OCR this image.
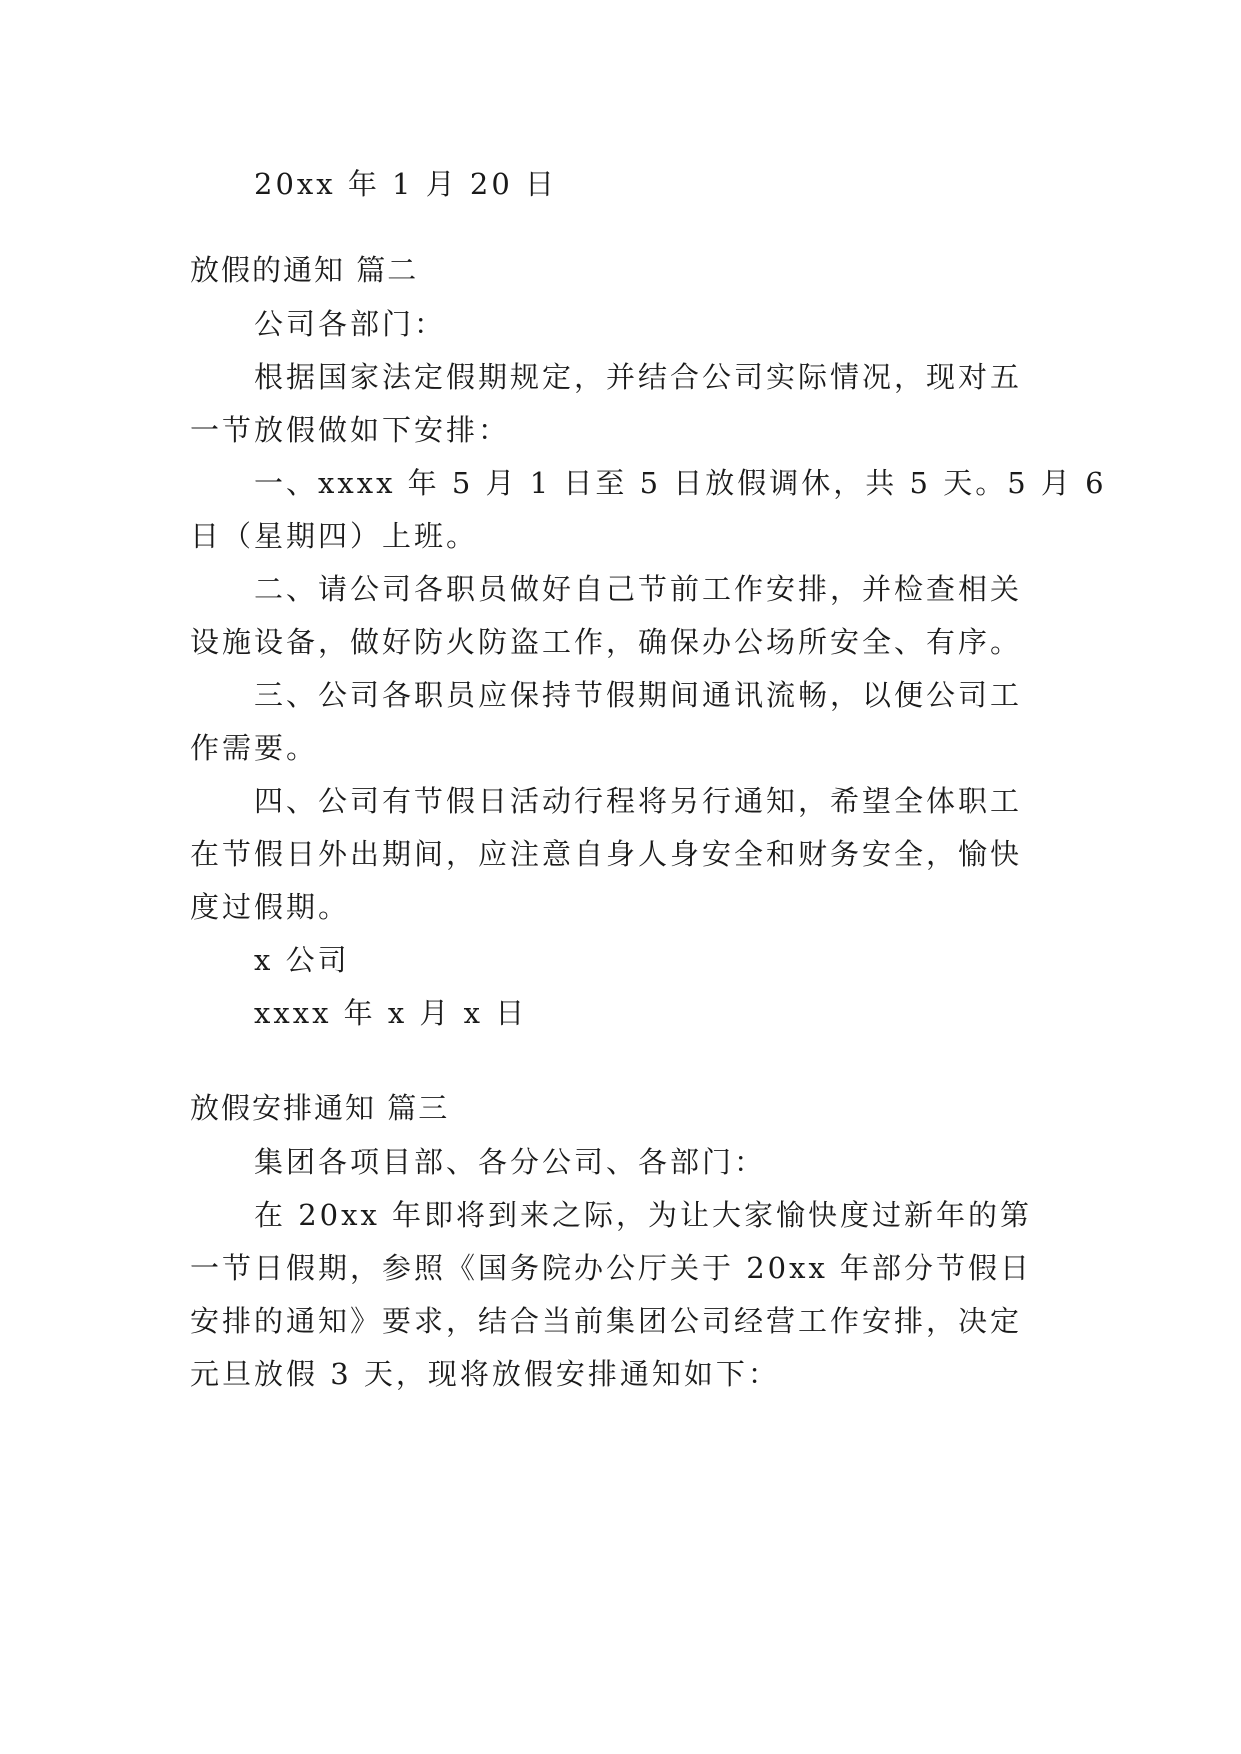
20xx 年 1 月 20 日
放假的通知 篇二
公司各部门：
根据国家法定假期规定，并结合公司实际情况，现对五
一节放假做如下安排：
一、xxxx 年 5 月 1 日至 5 日放假调休，共 5 天。5 月 6
日（星期四）上班。
二、请公司各职员做好自己节前工作安排，并检查相关
设施设备，做好防火防盗工作，确保办公场所安全、有序。
三、公司各职员应保持节假期间通讯流畅，以便公司工
作需要。
四、公司有节假日活动行程将另行通知，希望全体职工
在节假日外出期间，应注意自身人身安全和财务安全，愉快
度过假期。
x 公司
xxxx 年 x 月 x 日
放假安排通知 篇三
集团各项目部、各分公司、各部门：
在 20xx 年即将到来之际，为让大家愉快度过新年的第
一节日假期，参照《国务院办公厅关于 20xx 年部分节假日
安排的通知》要求，结合当前集团公司经营工作安排，决定
元旦放假 3 天，现将放假安排通知如下：
